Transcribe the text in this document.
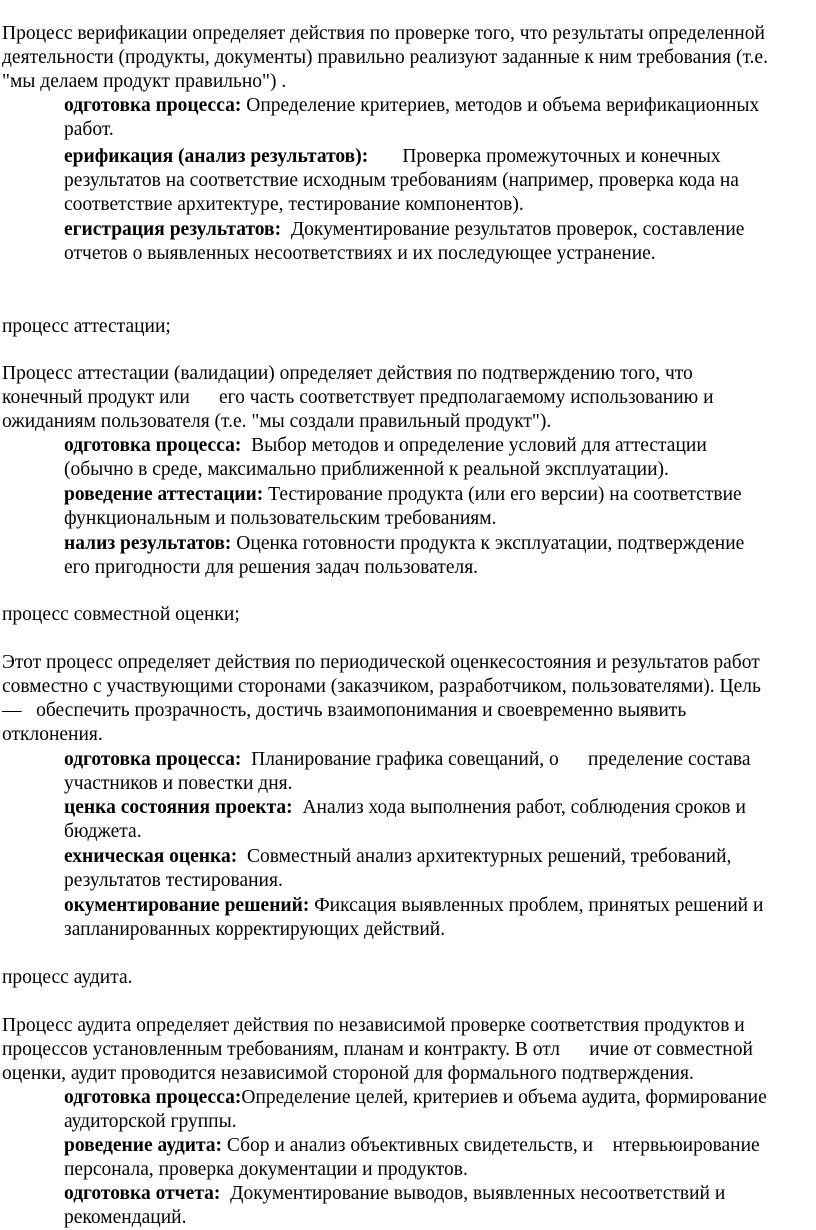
Процесс верификации определяет действия по проверке того, что результаты определенной
деятельности (продукты, документы) правильно реализуют заданные к ним требования (т.е.
"мы делаем продукт правильно") .
одготовка процесса: Определение критериев, методов и объема верификационных
работ.
ерификация (анализ результатов):       Проверка промежуточных и конечных
результатов на соответствие исходным требованиям (например, проверка кода на
соответствие архитектуре, тестирование компонентов).
егистрация результатов:  Документирование результатов проверок, составление
отчетов о выявленных несоответствиях и их последующее устранение.
процесс аттестации;
Процесс аттестации (валидации) определяет действия по подтверждению того, что
конечный продукт или      его часть соответствует предполагаемому использованию и
ожиданиям пользователя (т.е. "мы создали правильный продукт").
одготовка процесса:  Выбор методов и определение условий для аттестации
(обычно в среде, максимально приближенной к реальной эксплуатации).
роведение аттестации: Тестирование продукта (или его версии) на соответствие
функциональным и пользовательским требованиям.
нализ результатов: Оценка готовности продукта к эксплуатации, подтверждение
его пригодности для решения задач пользователя.
процесс совместной оценки;
Этот процесс определяет действия по периодической оценкесостояния и результатов работ
совместно с участвующими сторонами (заказчиком, разработчиком, пользователями). Цель
—   обеспечить прозрачность, достичь взаимопонимания и своевременно выявить
отклонения.
одготовка процесса:  Планирование графика совещаний, о      пределение состава
участников и повестки дня.
ценка состояния проекта:  Анализ хода выполнения работ, соблюдения сроков и
бюджета.
ехническая оценка:  Совместный анализ архитектурных решений, требований,
результатов тестирования.
окументирование решений: Фиксация выявленных проблем, принятых решений и
запланированных корректирующих действий.
процесс аудита.
Процесс аудита определяет действия по независимой проверке соответствия продуктов и
процессов установленным требованиям, планам и контракту. В отл      ичие от совместной
оценки, аудит проводится независимой стороной для формального подтверждения.
одготовка процесса:Определение целей, критериев и объема аудита, формирование
аудиторской группы.
роведение аудита: Сбор и анализ объективных свидетельств, и    нтервьюирование
персонала, проверка документации и продуктов.
одготовка отчета:  Документирование выводов, выявленных несоответствий и
рекомендаций.
